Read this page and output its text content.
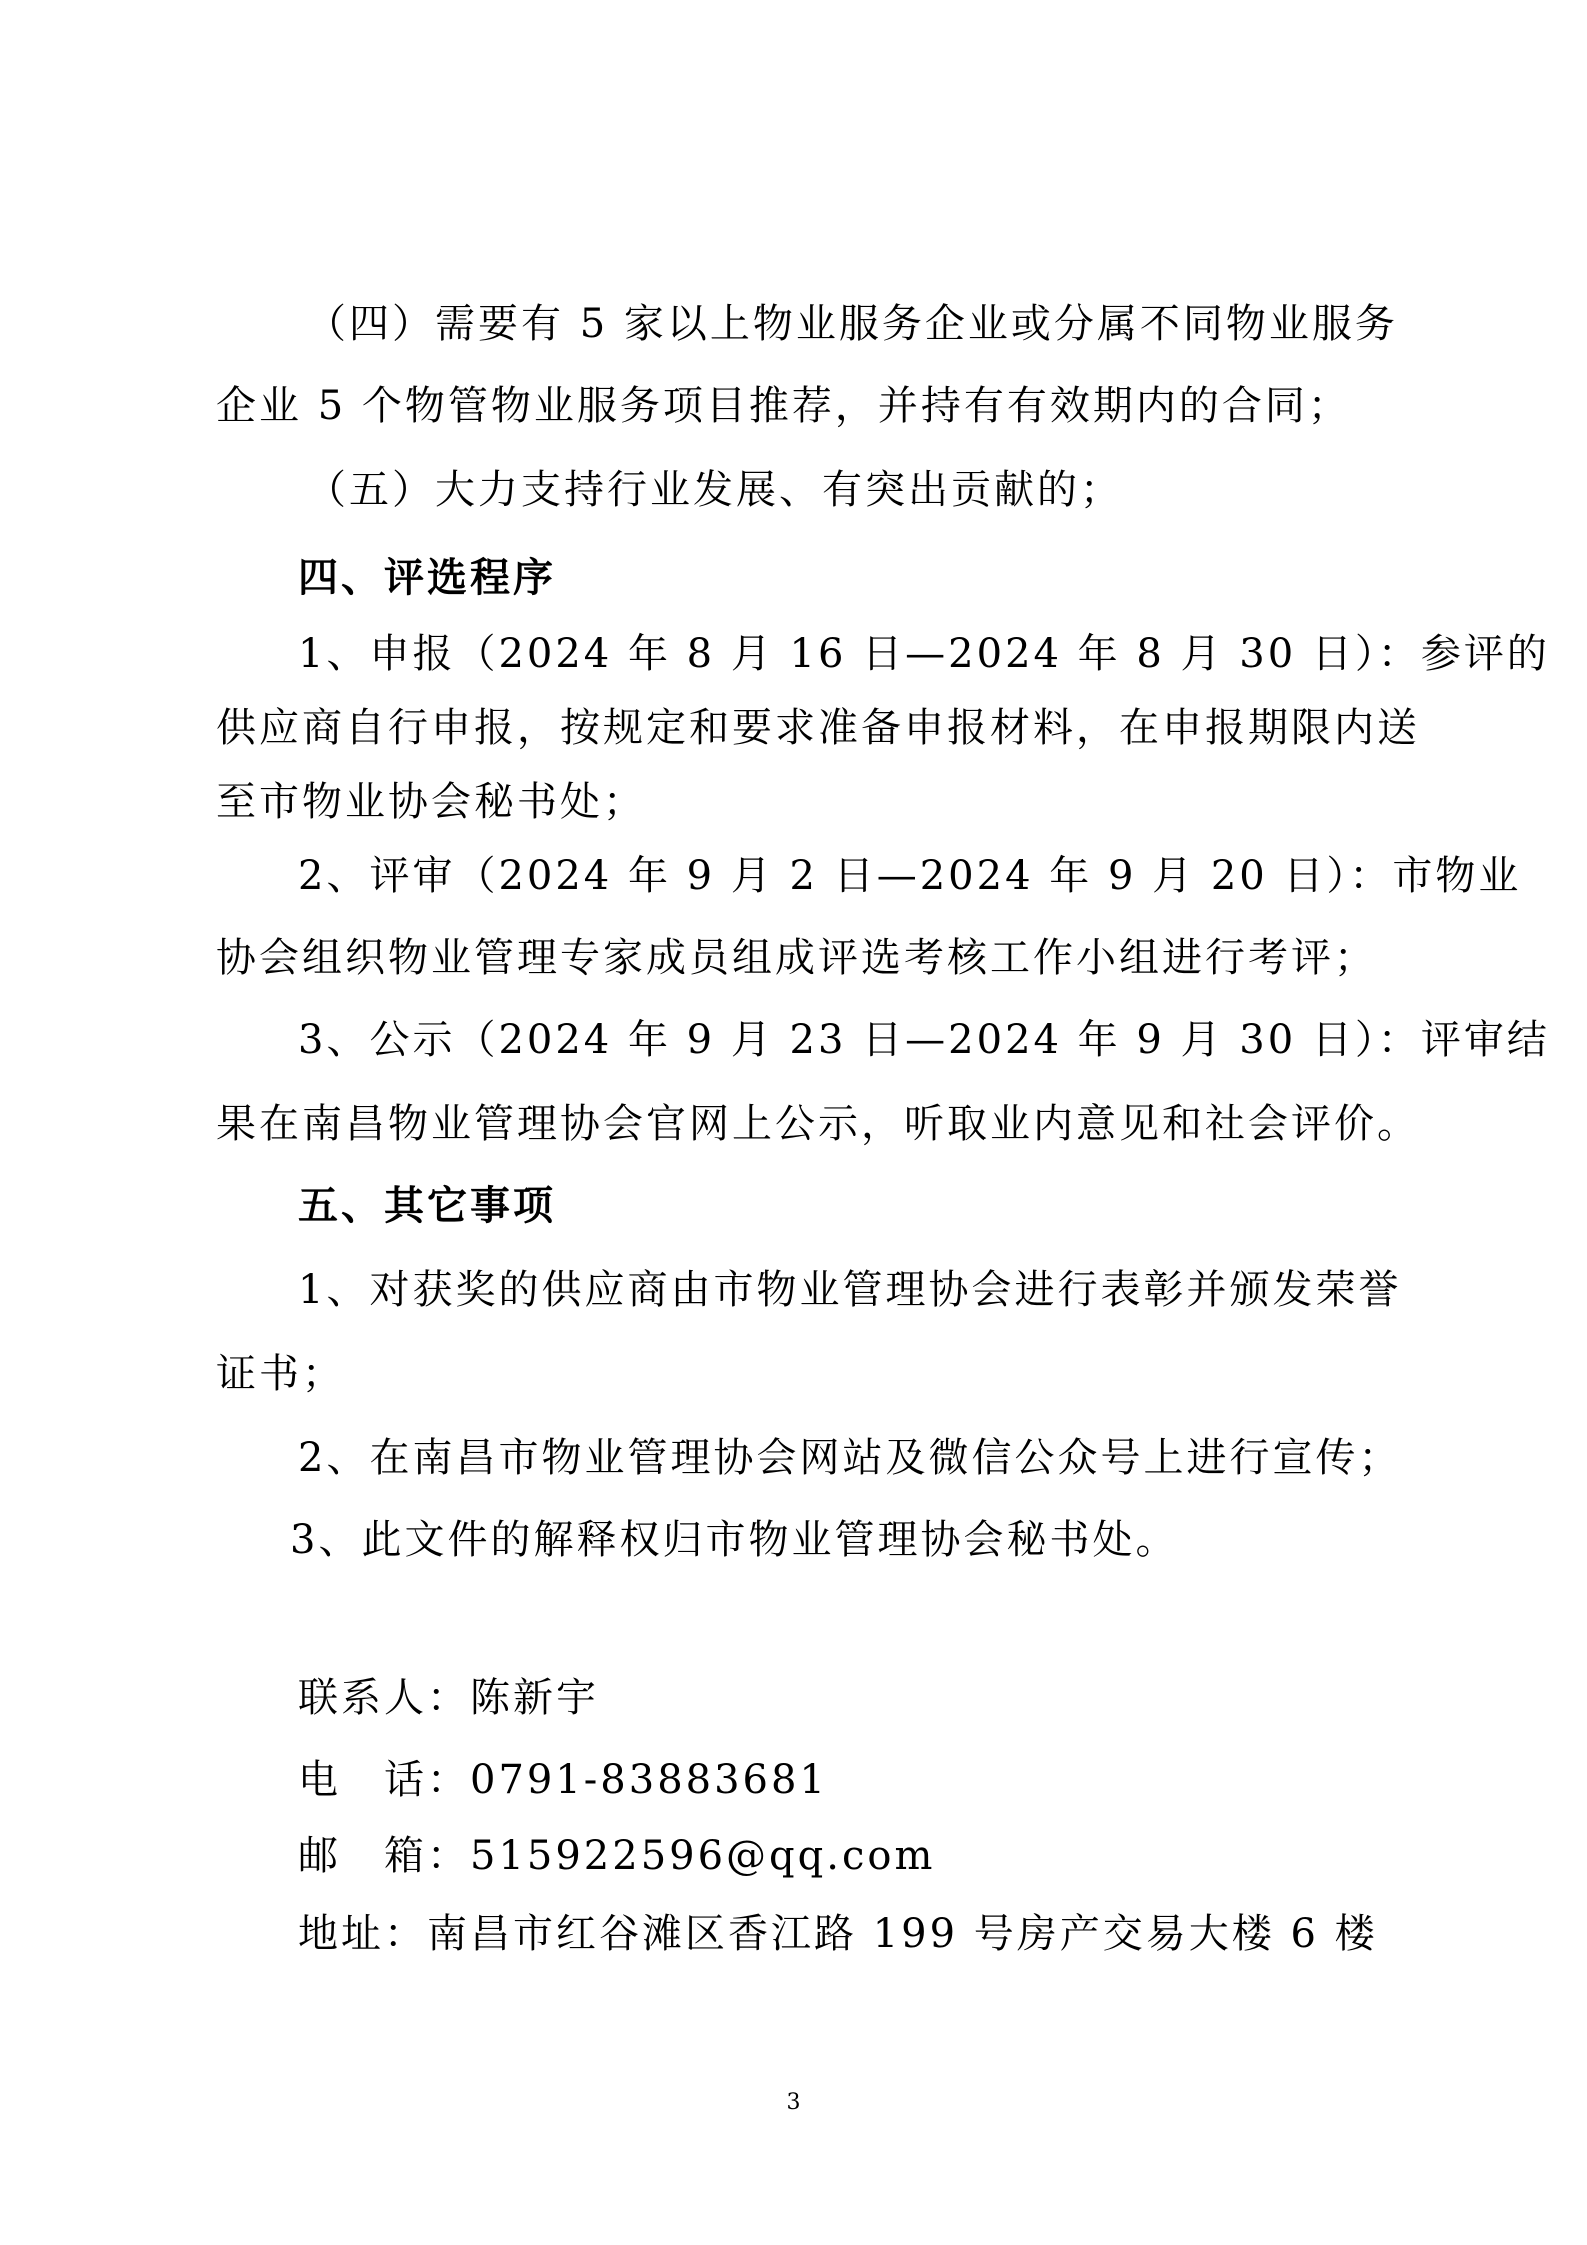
（四）需要有 5 家以上物业服务企业或分属不同物业服务
企业 5 个物管物业服务项目推荐，并持有有效期内的合同；
（五）大力支持行业发展、有突出贡献的；
四、评选程序
1、申报（2024 年 8 月 16 日—2024 年 8 月 30 日）：参评的
供应商自行申报，按规定和要求准备申报材料，在申报期限内送
至市物业协会秘书处；
2、评审（2024 年 9 月 2 日—2024 年 9 月 20 日）：市物业
协会组织物业管理专家成员组成评选考核工作小组进行考评；
3、公示（2024 年 9 月 23 日—2024 年 9 月 30 日）：评审结
果在南昌物业管理协会官网上公示，听取业内意见和社会评价。
五、其它事项
1、对获奖的供应商由市物业管理协会进行表彰并颁发荣誉
证书；
2、在南昌市物业管理协会网站及微信公众号上进行宣传；
3、此文件的解释权归市物业管理协会秘书处。
联系人：陈新宇
电　话：0791-83883681
邮　箱：515922596@qq.com
地址：南昌市红谷滩区香江路 199 号房产交易大楼 6 楼
3
